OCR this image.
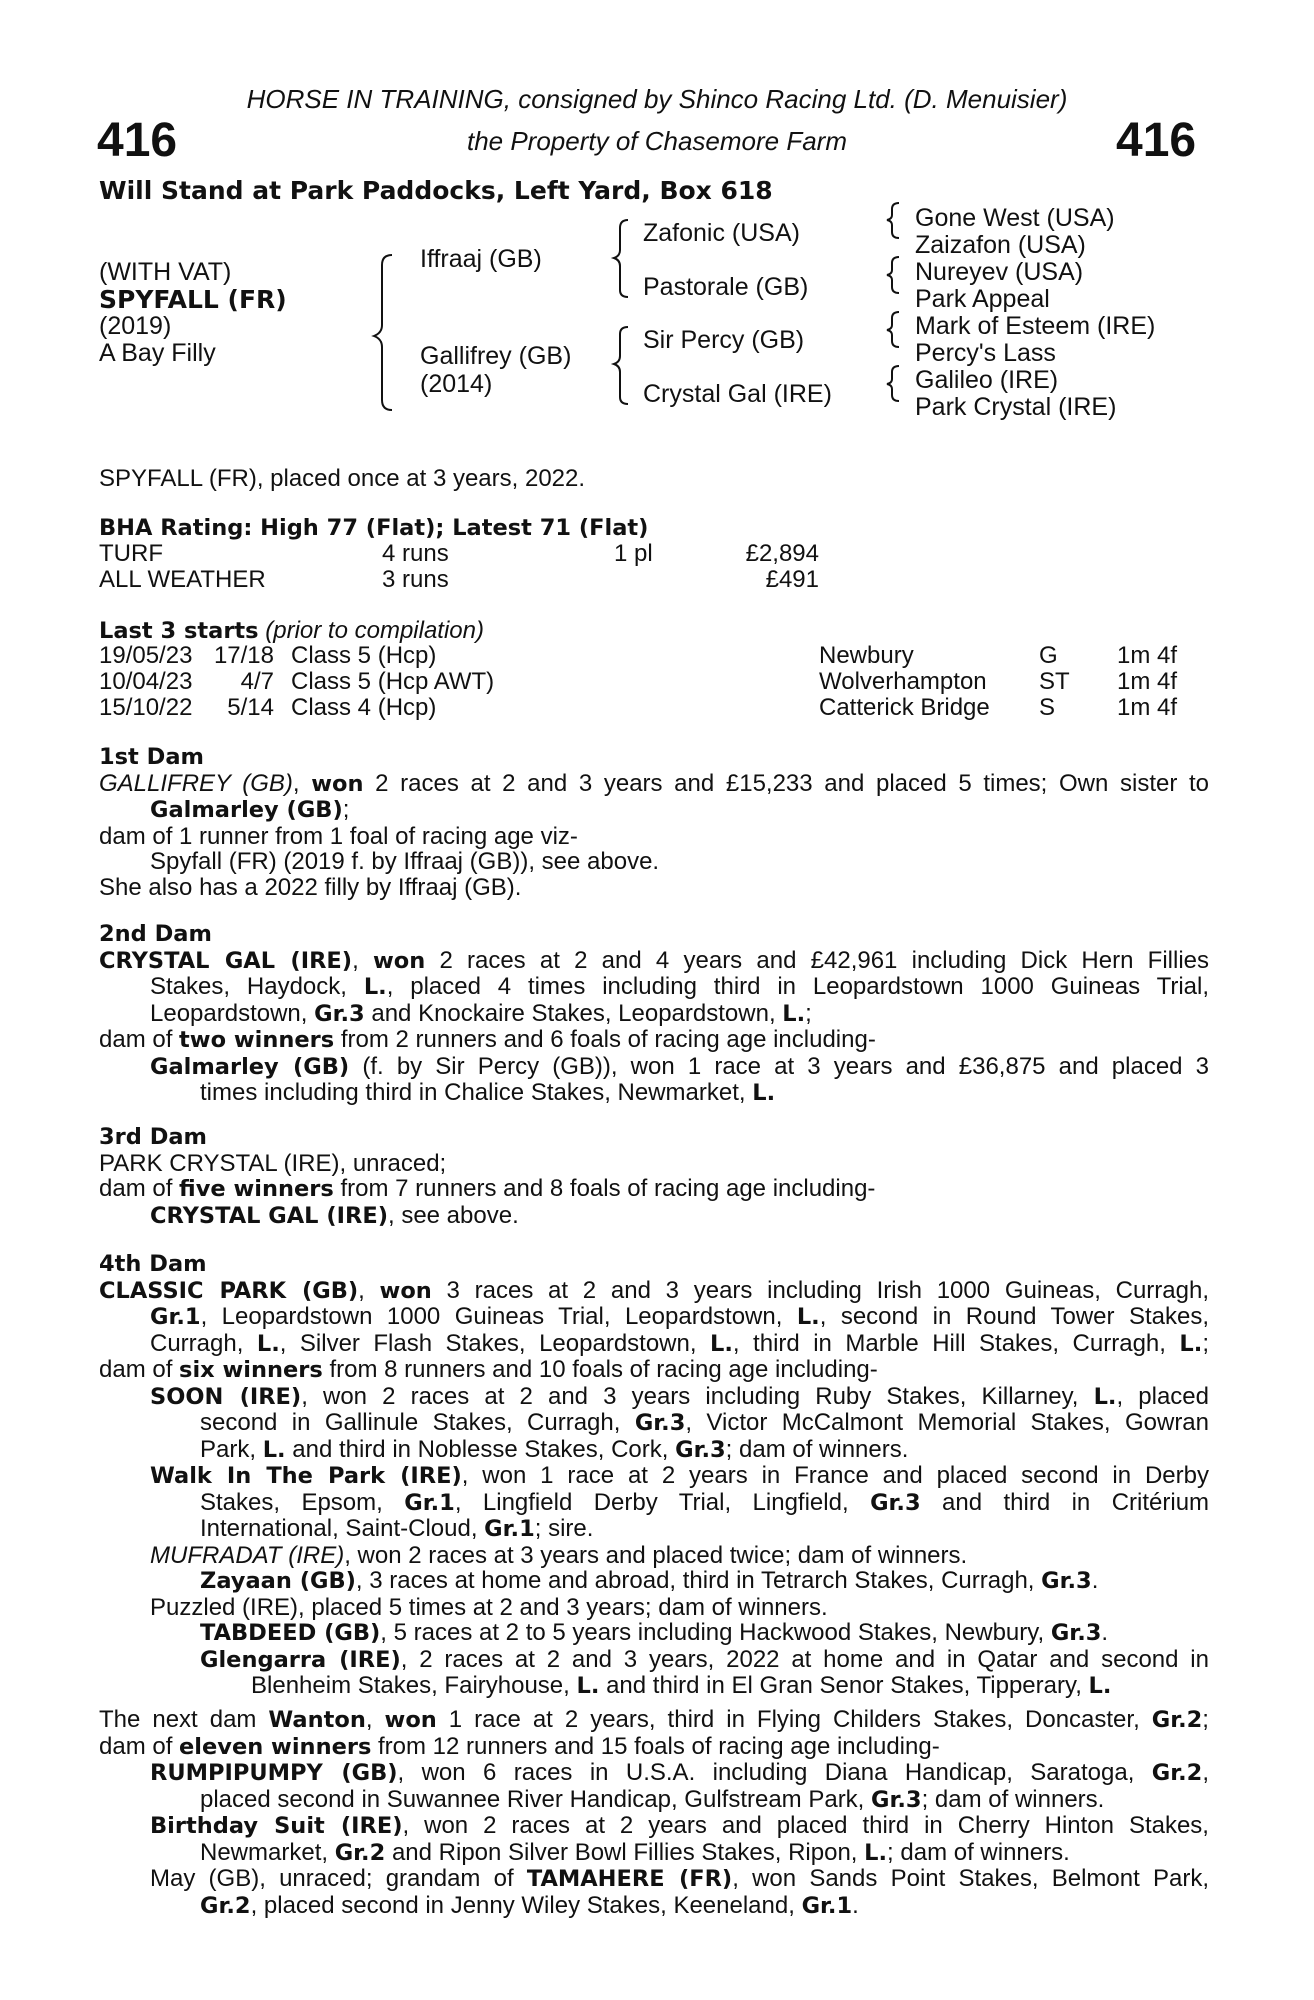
416	416
HORSE IN TRAINING, consigned by Shinco Racing Ltd. (D. Menuisier)
the Property of Chasemore Farm
Will Stand at Park Paddocks, Left Yard, Box 618
(WITH VAT)
SPYFALL (FR)
(2019)
A Bay Filly
Iffraaj (GB)
Gallifrey (GB)
(2014)
Zafonic (USA)
Pastorale (GB)
Sir Percy (GB)
Crystal Gal (IRE)
Gone West (USA)
Zaizafon (USA)
Nureyev (USA)
Park Appeal
Mark of Esteem (IRE)
Percy's Lass
Galileo (IRE)
Park Crystal (IRE)
SPYFALL (FR), placed once at 3 years, 2022.
BHA Rating: High 77 (Flat); Latest 71 (Flat)
TURF	4 runs	1 pl	£2,894
ALL WEATHER	3 runs	£491
Last 3 starts (prior to compilation)
19/05/23 17/18 Class 5 (Hcp)	Newbury	G 1m 4f
10/04/23	4/7 Class 5 (Hcp AWT)	Wolverhampton ST 1m 4f
15/10/22	5/14 Class 4 (Hcp)	Catterick Bridge S	1m 4f
1st Dam
GALLIFREY (GB), won 2 races at 2 and 3 years and £15,233 and placed 5 times; Own sister to
Galmarley (GB);
dam of 1 runner from 1 foal of racing age viz-
Spyfall (FR) (2019 f. by Iffraaj (GB)), see above.
She also has a 2022 filly by Iffraaj (GB).
2nd Dam
CRYSTAL GAL (IRE), won 2 races at 2 and 4 years and £42,961 including Dick Hern Fillies
Stakes, Haydock, L., placed 4 times including third in Leopardstown 1000 Guineas Trial,
Leopardstown, Gr.3 and Knockaire Stakes, Leopardstown, L.;
dam of two winners from 2 runners and 6 foals of racing age including-
Galmarley (GB) (f. by Sir Percy (GB)), won 1 race at 3 years and £36,875 and placed 3
times including third in Chalice Stakes, Newmarket, L.
3rd Dam
PARK CRYSTAL (IRE), unraced;
dam of five winners from 7 runners and 8 foals of racing age including-
CRYSTAL GAL (IRE), see above.
4th Dam
CLASSIC PARK (GB), won 3 races at 2 and 3 years including Irish 1000 Guineas, Curragh,
Gr.1, Leopardstown 1000 Guineas Trial, Leopardstown, L., second in Round Tower Stakes,
Curragh, L., Silver Flash Stakes, Leopardstown, L., third in Marble Hill Stakes, Curragh, L.;
dam of six winners from 8 runners and 10 foals of racing age including-
SOON (IRE), won 2 races at 2 and 3 years including Ruby Stakes, Killarney, L., placed
second in Gallinule Stakes, Curragh, Gr.3, Victor McCalmont Memorial Stakes, Gowran
Park, L. and third in Noblesse Stakes, Cork, Gr.3; dam of winners.
Walk In The Park (IRE), won 1 race at 2 years in France and placed second in Derby
Stakes, Epsom, Gr.1, Lingfield Derby Trial, Lingfield, Gr.3 and third in Critérium
International, Saint-Cloud, Gr.1; sire.
MUFRADAT (IRE), won 2 races at 3 years and placed twice; dam of winners.
Zayaan (GB), 3 races at home and abroad, third in Tetrarch Stakes, Curragh, Gr.3.
Puzzled (IRE), placed 5 times at 2 and 3 years; dam of winners.
TABDEED (GB), 5 races at 2 to 5 years including Hackwood Stakes, Newbury, Gr.3.
Glengarra (IRE), 2 races at 2 and 3 years, 2022 at home and in Qatar and second in
Blenheim Stakes, Fairyhouse, L. and third in El Gran Senor Stakes, Tipperary, L.
The next dam Wanton, won 1 race at 2 years, third in Flying Childers Stakes, Doncaster, Gr.2;
dam of eleven winners from 12 runners and 15 foals of racing age including-
RUMPIPUMPY (GB), won 6 races in U.S.A. including Diana Handicap, Saratoga, Gr.2,
placed second in Suwannee River Handicap, Gulfstream Park, Gr.3; dam of winners.
Birthday Suit (IRE), won 2 races at 2 years and placed third in Cherry Hinton Stakes,
Newmarket, Gr.2 and Ripon Silver Bowl Fillies Stakes, Ripon, L.; dam of winners.
May (GB), unraced; grandam of TAMAHERE (FR), won Sands Point Stakes, Belmont Park,
Gr.2, placed second in Jenny Wiley Stakes, Keeneland, Gr.1.
